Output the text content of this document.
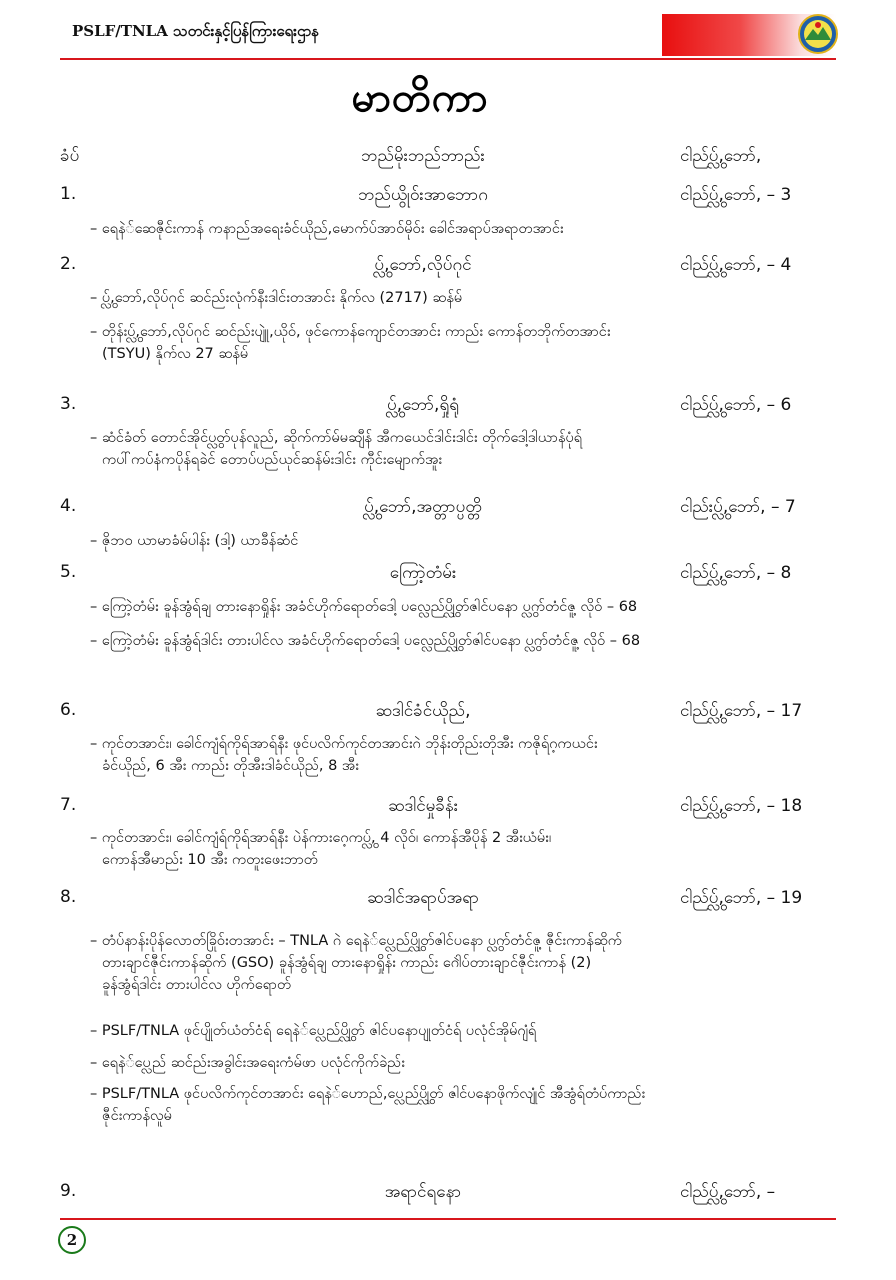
PSLF/TNLA သတင်းနှင့်ပြန်ကြားရေးဌာန
မာတိကာ
ခံပ်	ဘည်မိုးဘည်ဘာည်း	ငါည်ပ္လွ်,ဘော်,
1.	ဘည်ယွိုဝ်းအာဘောဂ	ငါည်ပ္လွ်,ဘော်, – 3
– ရေနဲ်ဆေဇီုင်းကာန် ကနာည်အရေးခံင်ယိုည်,မောက်ပ်အာဝ်မိုဝ်း ခေါင်အရာပ်အရာတအာင်း
2.	ပ္လွ်,ဘော်,လိုပ်ဂုင်	ငါည်ပ္လွ်,ဘော်, – 4
– ပ္လွ်,ဘော်,လိုပ်ဂုင် ဆင်ည်းလုံက်နီးဒါင်းတအာင်း နိုက်လ (2717) ဆန်မ်
– တိုန်းပ္လွ်,ဘော်,လိုပ်ဂုင် ဆင်ည်းပျူဲ,ယိုဝ်, ဖုင်ကောန်ကျောင်တအာင်း ကာည်း ကောန်တဘိုက်တအာင်း
(TSYU) နိုက်လ 27 ဆန်မ်
3.	ပ္လွ်,ဘော်,ရှိုရုံ	ငါည်ပ္လွ်,ဘော်, – 6
– ဆံင်ခံတ် တောင်အိုင်ပ္လွတ်ပုန်လူည်, ဆိုက်ကာ်မ်မဆျီန် အီကယေင်ဒါင်းဒါင်း တိုက်ဒေါ့ဒါယာန်ပုံရ်
ကပါ်ကပ်နံကပိုန်ရခဲင် တောပ်ပည်ယုင်ဆန်မ်းဒါင်း ကီုင်းမျောက်အူး
4.	ပ္လွ်,ဘော်,အတ္တာပ္ပတ္တိ	ငါည်းပ္လွ်,ဘော်, – 7
– ဇိုဘဝ ယာမာခံမ်ပါန်း (ဒါ့) ယာခီန်ဆံင်
5.	ကြောဲ့တံမ်း	ငါည်ပ္လွ်,ဘော်, – 8
– ကြောဲ့တံမ်း ခူန်အွံရ်ချ တားနောရှိုန်း အခံင်ဟိုက်ရောတ်ဒေါ့ ပလ္လေည်ပ္လွိုတ်ဇါင်ပနော ပ္လွက်တံင်ဇူ့ လိုဝ် – 68
– ကြောဲ့တံမ်း ခူန်အွံရ်ဒါင်း တားပါင်လ အခံင်ဟိုက်ရောတ်ဒေါ့ ပလ္လေည်ပ္လွိုတ်ဇါင်ပနော ပ္လွက်တံင်ဇူ့ လိုဝ် – 68
6.	ဆဒါင်ခံင်ယိုည်,	ငါည်ပ္လွ်,ဘော်, – 17
– ကုင်တအာင်း၊ ခေါင်ကျံရ်ကိုရ်အာရ်နီး ဖုင်ပလိက်ကုင်တအာင်းဂဲ ဘိုန်းတိုည်းတိုအီး ကဇိုရ်ဂ့ကယင်း
ခံင်ယိုည်, 6 အီး ကာည်း တိုအီးဒါခံင်ယိုည်, 8 အီး
7.	ဆဒါင်မှုခီန်း	ငါည်ပ္လွ်,ဘော်, – 18
– ကုင်တအာင်း၊ ခေါင်ကျံရ်ကိုရ်အာရ်နီး ပဲန်ကားဂေ့ကပ္လွ်, 4 လိုဝ်၊ ကောန်အီပိုန် 2 အီးယံမ်း၊
ကောန်အီမာည်း 10 အီး ကတူးဖေးဘာတ်
8.	ဆဒါင်အရာပ်အရာ	ငါည်ပ္လွ်,ဘော်, – 19
– တံပ်နာန်းပိုန်လောတ်ခြိုဝ်းတအာင်း – TNLA ဂဲ ရေနဲ်ပ္လေည်ပ္လွိုတ်ဇါင်ပနော ပ္လွက်တံင်ဇူ့ ဇီုင်းကာန်ဆိုက်
တားချာင်ဇီုင်းကာန်ဆိုက် (GSO) ခူန်အွံရ်ချ တားနောရှိုန်း ကာည်း ဂေါဲပ်တားချာင်ဇီုင်းကာန် (2)
ခူန်အွံရ်ဒါင်း တားပါင်လ ဟိုက်ရောတ်
– PSLF/TNLA ဖုင်ပျိုတ်ယံတ်ငံရ် ရေနဲ်ပ္လေည်ပ္လွိုတ် ဇါင်ပနောပျုတ်ငံရ် ပလုံင်အိုမ်ဂျံရ်
– ရေနဲ်ပ္လေည် ဆင်ည်းအခွါင်းအရေးကံမ်ဖာ ပလုံင်ကိုက်ခဲည်း
– PSLF/TNLA ဖုင်ပလိက်ကုင်တအာင်း ရေနဲ်ဟောည်,ပ္လေည်ပ္လွိုတ် ဇါင်ပနောဖိုက်လျုံင် အီအွံရ်တံပ်ကာည်း
ဇီုင်းကာန်လူမ်
9.	အရာင်ရနော	ငါည်ပ္လွ်,ဘော်, –
2
